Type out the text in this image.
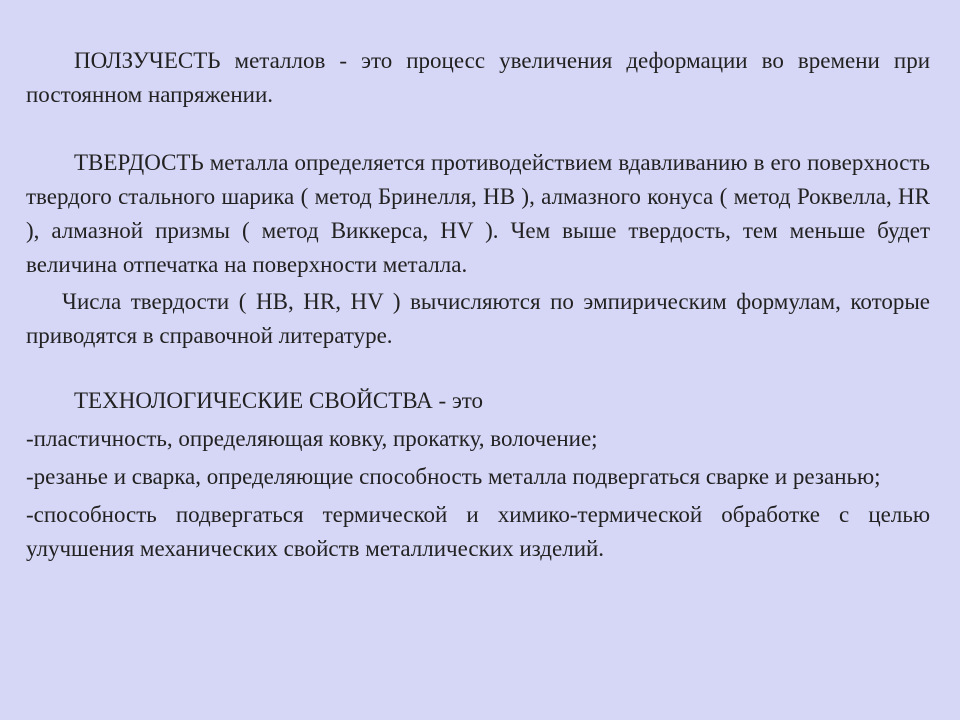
ПОЛЗУЧЕСТЬ металлов - это процесс увеличения деформации во времени при постоянном напряжении.

ТВЕРДОСТЬ металла определяется противодействием вдавливанию в его поверхность твердого стального шарика ( метод Бринелля, НВ ), алмазного конуса ( метод Роквелла, HR ), алмазной призмы ( метод Виккерса, HV ). Чем выше твердость, тем меньше будет величина отпечатка на поверхности металла.

Числа твердости ( НВ, HR, HV ) вычисляются по эмпирическим формулам, которые приводятся в справочной литературе.

ТЕХНОЛОГИЧЕСКИЕ СВОЙСТВА - это

-пластичность, определяющая ковку, прокатку, волочение;

-резанье и сварка, определяющие способность металла подвергаться сварке и резанью;

-способность подвергаться термической и химико-термической обработке с целью улучшения механических свойств металлических изделий.
